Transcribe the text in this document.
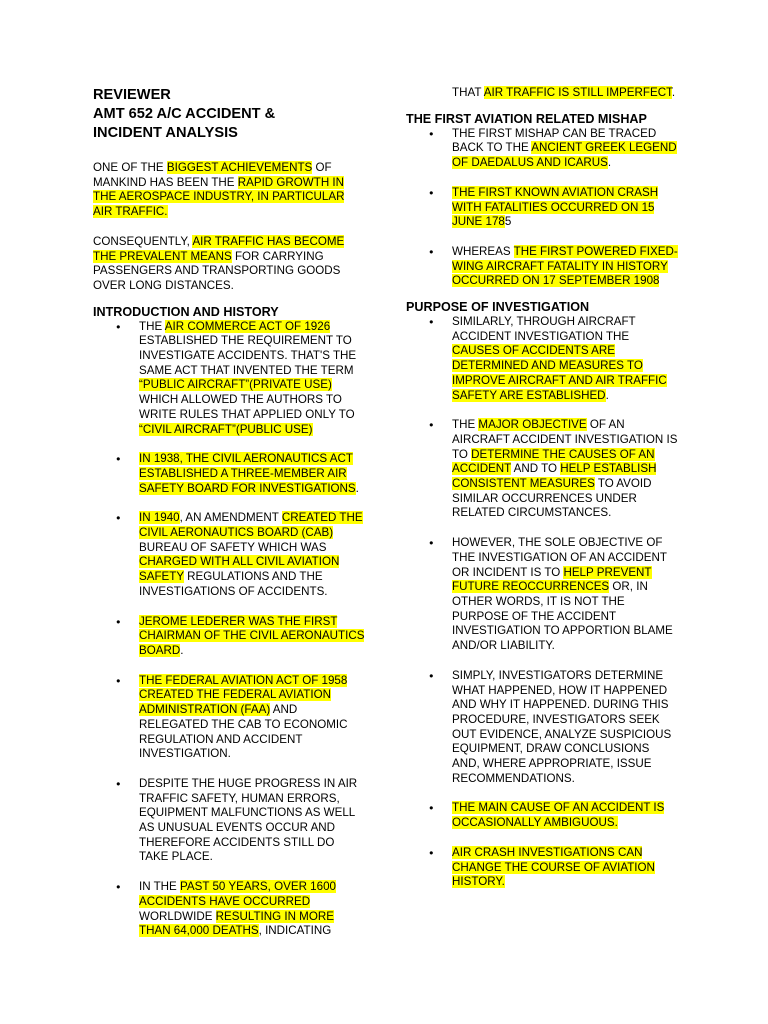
REVIEWER
AMT 652 A/C ACCIDENT &
INCIDENT ANALYSIS

ONE OF THE BIGGEST ACHIEVEMENTS OF MANKIND HAS BEEN THE RAPID GROWTH IN THE AEROSPACE INDUSTRY, IN PARTICULAR AIR TRAFFIC.

CONSEQUENTLY, AIR TRAFFIC HAS BECOME THE PREVALENT MEANS FOR CARRYING PASSENGERS AND TRANSPORTING GOODS OVER LONG DISTANCES.

INTRODUCTION AND HISTORY
● THE AIR COMMERCE ACT OF 1926 ESTABLISHED THE REQUIREMENT TO INVESTIGATE ACCIDENTS. THAT'S THE SAME ACT THAT INVENTED THE TERM “PUBLIC AIRCRAFT”(PRIVATE USE) WHICH ALLOWED THE AUTHORS TO WRITE RULES THAT APPLIED ONLY TO “CIVIL AIRCRAFT”(PUBLIC USE)
● IN 1938, THE CIVIL AERONAUTICS ACT ESTABLISHED A THREE-MEMBER AIR SAFETY BOARD FOR INVESTIGATIONS.
● IN 1940, AN AMENDMENT CREATED THE CIVIL AERONAUTICS BOARD (CAB) BUREAU OF SAFETY WHICH WAS CHARGED WITH ALL CIVIL AVIATION SAFETY REGULATIONS AND THE INVESTIGATIONS OF ACCIDENTS.
● JEROME LEDERER WAS THE FIRST CHAIRMAN OF THE CIVIL AERONAUTICS BOARD.
● THE FEDERAL AVIATION ACT OF 1958 CREATED THE FEDERAL AVIATION ADMINISTRATION (FAA) AND RELEGATED THE CAB TO ECONOMIC REGULATION AND ACCIDENT INVESTIGATION.
● DESPITE THE HUGE PROGRESS IN AIR TRAFFIC SAFETY, HUMAN ERRORS, EQUIPMENT MALFUNCTIONS AS WELL AS UNUSUAL EVENTS OCCUR AND THEREFORE ACCIDENTS STILL DO TAKE PLACE.
● IN THE PAST 50 YEARS, OVER 1600 ACCIDENTS HAVE OCCURRED WORLDWIDE RESULTING IN MORE THAN 64,000 DEATHS, INDICATING
THAT AIR TRAFFIC IS STILL IMPERFECT.
THE FIRST AVIATION RELATED MISHAP
● THE FIRST MISHAP CAN BE TRACED BACK TO THE ANCIENT GREEK LEGEND OF DAEDALUS AND ICARUS.
● THE FIRST KNOWN AVIATION CRASH WITH FATALITIES OCCURRED ON 15 JUNE 1785
● WHEREAS THE FIRST POWERED FIXED-WING AIRCRAFT FATALITY IN HISTORY OCCURRED ON 17 SEPTEMBER 1908
PURPOSE OF INVESTIGATION
● SIMILARLY, THROUGH AIRCRAFT ACCIDENT INVESTIGATION THE CAUSES OF ACCIDENTS ARE DETERMINED AND MEASURES TO IMPROVE AIRCRAFT AND AIR TRAFFIC SAFETY ARE ESTABLISHED.
● THE MAJOR OBJECTIVE OF AN AIRCRAFT ACCIDENT INVESTIGATION IS TO DETERMINE THE CAUSES OF AN ACCIDENT AND TO HELP ESTABLISH CONSISTENT MEASURES TO AVOID SIMILAR OCCURRENCES UNDER RELATED CIRCUMSTANCES.
● HOWEVER, THE SOLE OBJECTIVE OF THE INVESTIGATION OF AN ACCIDENT OR INCIDENT IS TO HELP PREVENT FUTURE REOCCURRENCES OR, IN OTHER WORDS, IT IS NOT THE PURPOSE OF THE ACCIDENT INVESTIGATION TO APPORTION BLAME AND/OR LIABILITY.
● SIMPLY, INVESTIGATORS DETERMINE WHAT HAPPENED, HOW IT HAPPENED AND WHY IT HAPPENED. DURING THIS PROCEDURE, INVESTIGATORS SEEK OUT EVIDENCE, ANALYZE SUSPICIOUS EQUIPMENT, DRAW CONCLUSIONS AND, WHERE APPROPRIATE, ISSUE RECOMMENDATIONS.
● THE MAIN CAUSE OF AN ACCIDENT IS OCCASIONALLY AMBIGUOUS.
● AIR CRASH INVESTIGATIONS CAN CHANGE THE COURSE OF AVIATION HISTORY.
